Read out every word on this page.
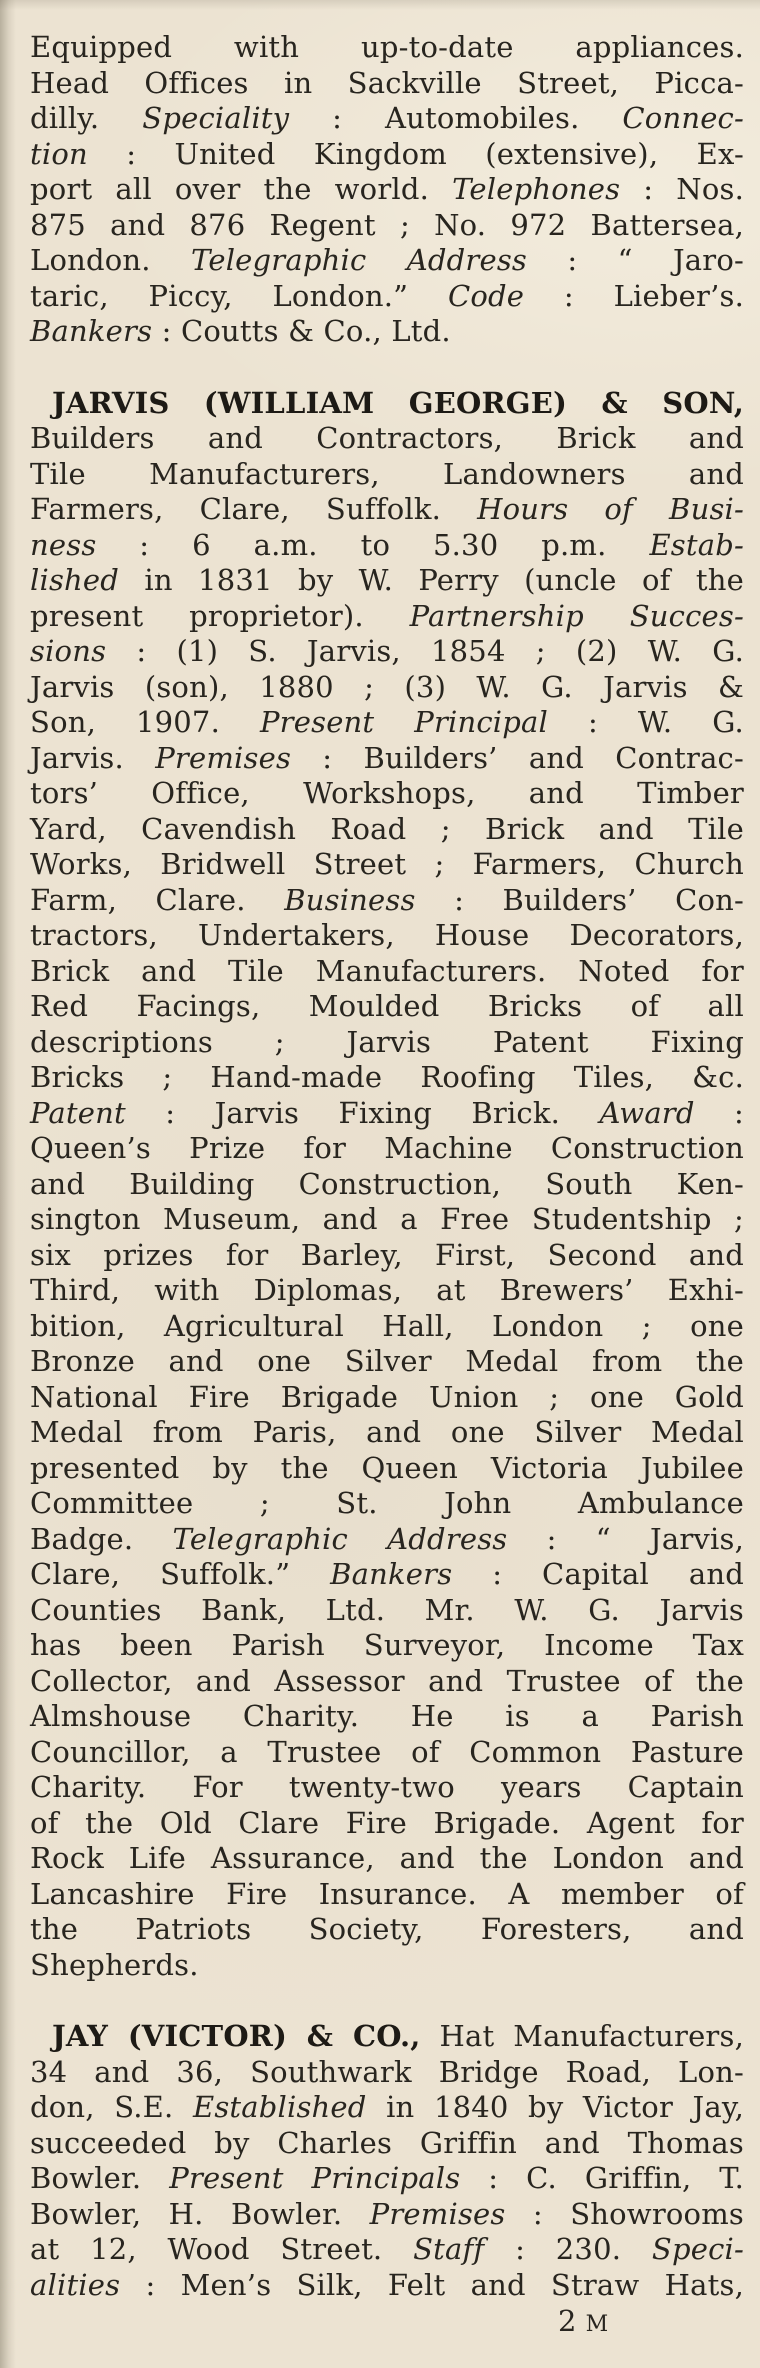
Equipped with up-to-date appliances.
Head Offices in Sackville Street, Picca-
dilly. Speciality : Automobiles. Connec-
tion : United Kingdom (extensive), Ex-
port all over the world. Telephones : Nos.
875 and 876 Regent ; No. 972 Battersea,
London. Telegraphic Address : “ Jaro-
taric, Piccy, London.” Code : Lieber’s.
Bankers : Coutts & Co., Ltd.
JARVIS (WILLIAM GEORGE) & SON,
Builders and Contractors, Brick and
Tile Manufacturers, Landowners and
Farmers, Clare, Suffolk. Hours of Busi-
ness : 6 a.m. to 5.30 p.m. Estab-
lished in 1831 by W. Perry (uncle of the
present proprietor). Partnership Succes-
sions : (1) S. Jarvis, 1854 ; (2) W. G.
Jarvis (son), 1880 ; (3) W. G. Jarvis &
Son, 1907. Present Principal : W. G.
Jarvis. Premises : Builders’ and Contrac-
tors’ Office, Workshops, and Timber
Yard, Cavendish Road ; Brick and Tile
Works, Bridwell Street ; Farmers, Church
Farm, Clare. Business : Builders’ Con-
tractors, Undertakers, House Decorators,
Brick and Tile Manufacturers. Noted for
Red Facings, Moulded Bricks of all
descriptions ; Jarvis Patent Fixing
Bricks ; Hand-made Roofing Tiles, &c.
Patent : Jarvis Fixing Brick. Award :
Queen’s Prize for Machine Construction
and Building Construction, South Ken-
sington Museum, and a Free Studentship ;
six prizes for Barley, First, Second and
Third, with Diplomas, at Brewers’ Exhi-
bition, Agricultural Hall, London ; one
Bronze and one Silver Medal from the
National Fire Brigade Union ; one Gold
Medal from Paris, and one Silver Medal
presented by the Queen Victoria Jubilee
Committee ; St. John Ambulance
Badge. Telegraphic Address : “ Jarvis,
Clare, Suffolk.” Bankers : Capital and
Counties Bank, Ltd. Mr. W. G. Jarvis
has been Parish Surveyor, Income Tax
Collector, and Assessor and Trustee of the
Almshouse Charity. He is a Parish
Councillor, a Trustee of Common Pasture
Charity. For twenty-two years Captain
of the Old Clare Fire Brigade. Agent for
Rock Life Assurance, and the London and
Lancashire Fire Insurance. A member of
the Patriots Society, Foresters, and
Shepherds.
JAY (VICTOR) & CO., Hat Manufacturers,
34 and 36, Southwark Bridge Road, Lon-
don, S.E. Established in 1840 by Victor Jay,
succeeded by Charles Griffin and Thomas
Bowler. Present Principals : C. Griffin, T.
Bowler, H. Bowler. Premises : Showrooms
at 12, Wood Street. Staff : 230. Speci-
alities : Men’s Silk, Felt and Straw Hats,
2 M
